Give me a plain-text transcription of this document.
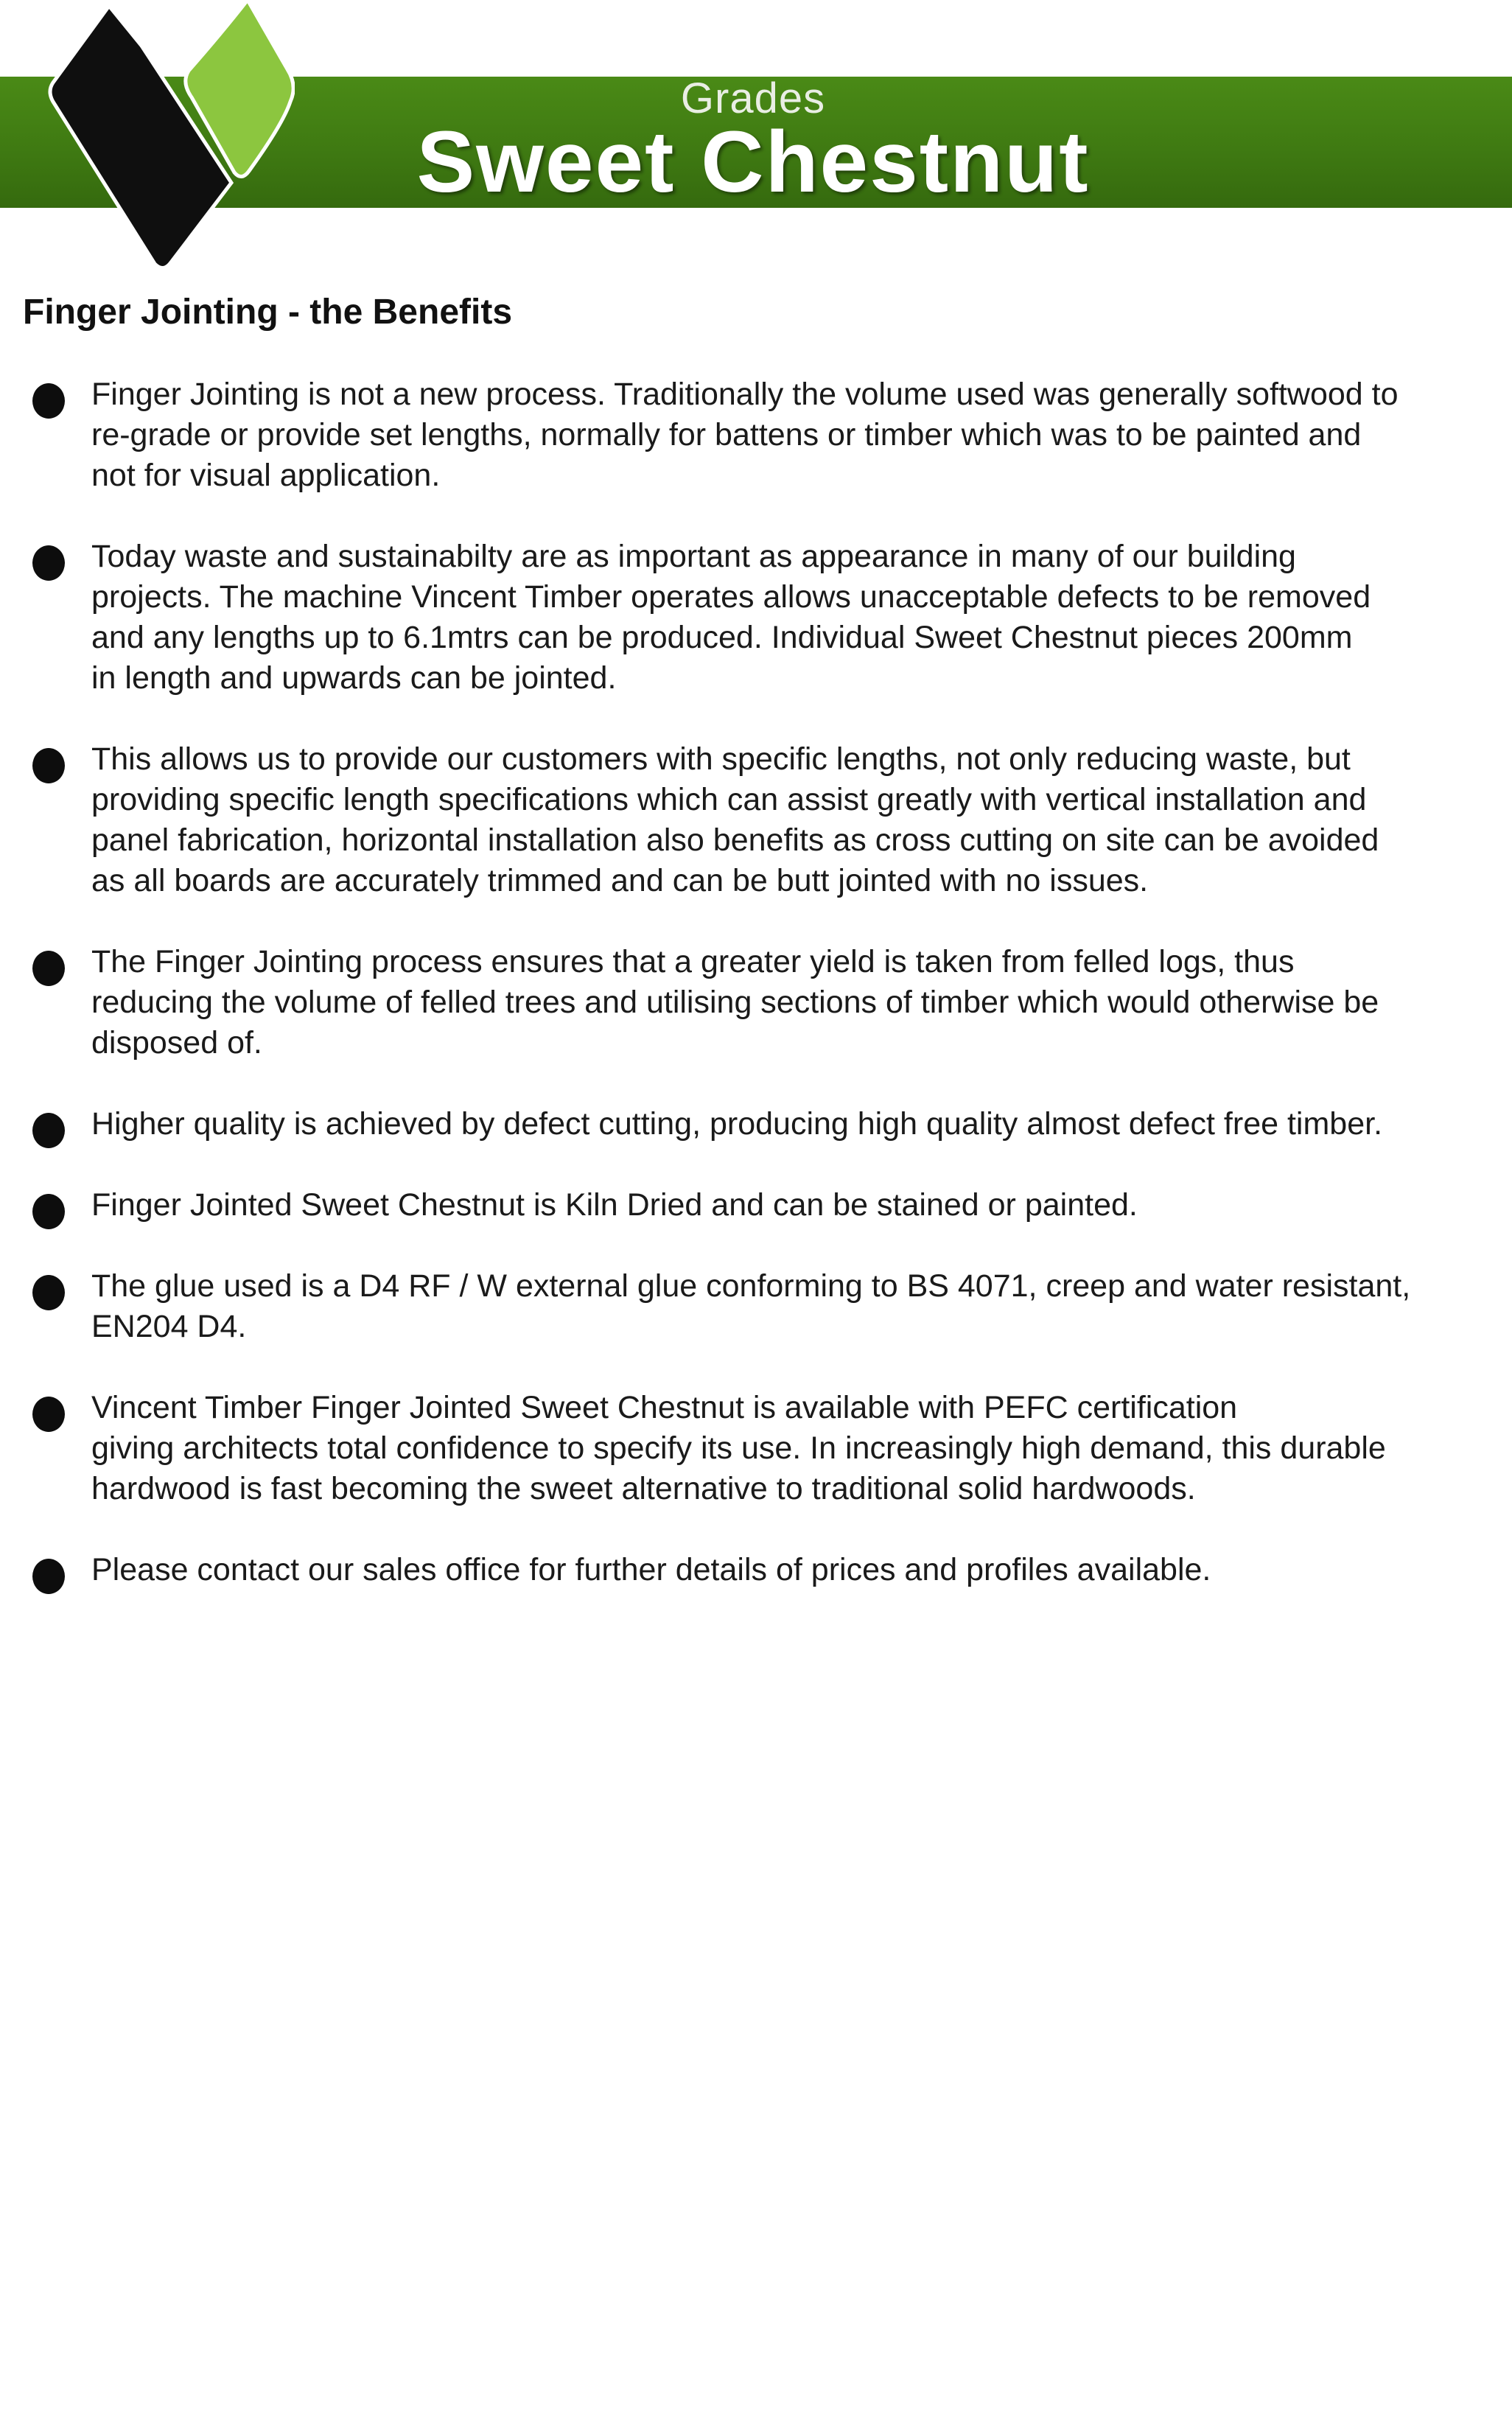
Grades
Sweet Chestnut
Finger Jointing - the Benefits

Finger Jointing is not a new process. Traditionally the volume used was generally softwood to
re-grade or provide set lengths, normally for battens or timber which was to be painted and
not for visual application.

Today waste and sustainabilty are as important as appearance in many of our building
projects. The machine Vincent Timber operates allows unacceptable defects to be removed
and any lengths up to 6.1mtrs can be produced. Individual Sweet Chestnut pieces 200mm
in length and upwards can be jointed.

This allows us to provide our customers with specific lengths, not only reducing waste, but
providing specific length specifications which can assist greatly with vertical installation and
panel fabrication, horizontal installation also benefits as cross cutting on site can be avoided
as all boards are accurately trimmed and can be butt jointed with no issues.

The Finger Jointing process ensures that a greater yield is taken from felled logs, thus
reducing the volume of felled trees and utilising sections of timber which would otherwise be
disposed of.

Higher quality is achieved by defect cutting, producing high quality almost defect free timber.

Finger Jointed Sweet Chestnut is Kiln Dried and can be stained or painted.

The glue used is a D4 RF / W external glue conforming to BS 4071, creep and water resistant,
EN204 D4.

Vincent Timber Finger Jointed Sweet Chestnut is available with PEFC certification
giving architects total confidence to specify its use. In increasingly high demand, this durable
hardwood is fast becoming the sweet alternative to traditional solid hardwoods.

Please contact our sales office for further details of prices and profiles available.
